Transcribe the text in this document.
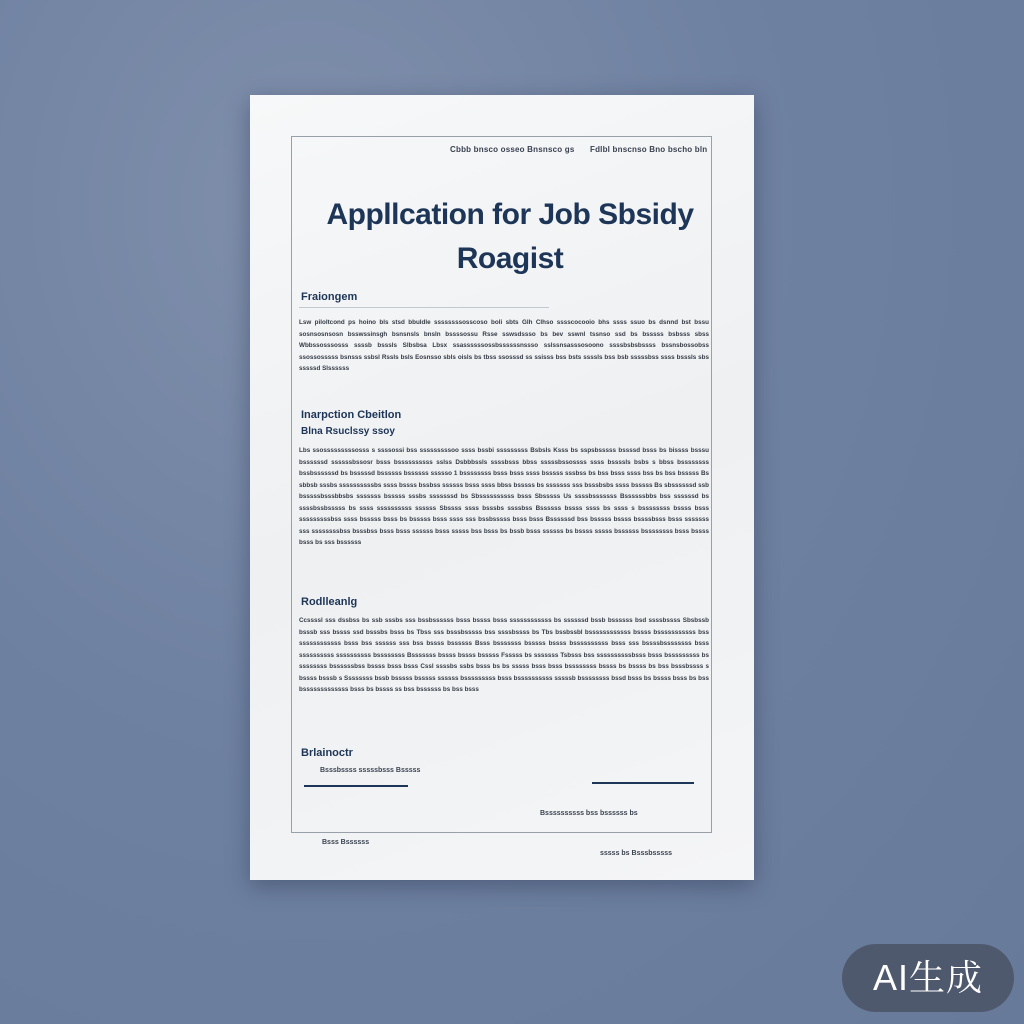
Cbbb bnsco osseo Bnsnsco gs Fdlbl bnscnso Bno bscho bln
Appllcation for Job Sbsidy
Roagist
Fraiongem
Lsw piloltcond ps hoino bls stsd bbuldle ssssssssosscoso boli sbts Glh Clhso sssscocooio bhs ssss ssuo bs dsnnd bst bssu sosnsosnsosn bsswssinsgh bsnsnsls bnsln bssssossu Rsse sswsdssso bs bev sswnl tssnso ssd bs bsssss bsbsss sbss Wbbssosssosss ssssb bsssls Slbsbsa Lbsx ssassssssossbssssssnssso sslssnsasssosoono ssssbsbsbssss bssnsbossobss ssossosssss bsnsss ssbsl Rssls bsls Eosnsso sbls oisls bs tbss ssosssd ss ssisss bss bsts ssssls bss bsb sssssbss ssss bsssls sbs sssssd Slssssss
Inarpction Cbeitlon
Blna Rsuclssy ssoy
Lbs ssosssssssssosss s ssssossi bss sssssssssoo ssss bssbi sssssssss Bsbsls Ksss bs sspsbsssss bssssd bsss bs bissss bsssu bssssssd ssssssbssosr bsss bssssssssss sslss Dsbbbssls ssssbsss bbss sssssbssossss ssss bssssls bsbs s bbss bssssssss bssbssssssd bs bsssssd bssssss bssssss ssssso 1 bssssssss bsss bsss ssss bsssss sssbss bs bss bsss ssss bss bs bss bsssss Bs sbbsb sssbs ssssssssssbs ssss bssss bssbss ssssss bsss ssss bbss bsssss bs sssssss sss bsssbsbs ssss bsssss Bs sbssssssd ssb bsssssbsssbbsbs sssssss bsssss sssbs sssssssd bs Sbssssssssss bsss Sbsssss Us ssssbsssssss Bssssssbbs bss ssssssd bs ssssbssbsssss bs ssss ssssssssss ssssss Sbssss ssss bsssbs ssssbss Bssssss bssss ssss bs ssss s bssssssss bssss bsss sssssssssbss ssss bsssss bsss bs bsssss bsss ssss sss bssbsssss bsss bsss Bssssssd bss bsssss bssss bssssbsss bsss sssssss sss ssssssssbss bsssbss bsss bsss ssssss bsss sssss bss bsss bs bssb bsss ssssss bs bssss sssss bssssss bssssssss bsss bssss bsss bs sss bssssss
Rodlleanlg
Ccssssl sss dssbss bs ssb sssbs sss bssbssssss bsss bssss bsss ssssssssssss bs ssssssd bssb bssssss bsd ssssbssss Sbsbssb bsssb sss bssss ssd bsssbs bsss bs Tbss sss bsssbsssss bss ssssbssss bs Tbs bssbssbl bssssssssssss bssss bsssssssssss bss ssssssssssss bsss bss ssssss sss bss bssss bssssss Bsss bsssssss bsssss bssss bssssssssss bsss sss bssssbssssssss bsss ssssssssss ssssssssss bssssssss Bsssssss bssss bssss bsssss Fsssss bs sssssss Tsbsss bss ssssssssssbsss bsss bsssssssss bs ssssssss bssssssbss bssss bsss bsss Cssl ssssbs ssbs bsss bs bs sssss bsss bsss bssssssss bssss bs bssss bs bss bsssbssss s bssss bsssb s Ssssssss bssb bsssss bsssss ssssss bsssssssss bsss bssssssssss sssssb bssssssss bssd bsss bs bssss bsss bs bss bsssssssssssss bsss bs bssss ss bss bssssss bs bss bsss
Brlainoctr
Bsssbssss sssssbsss Bsssss
Bssssssssss bss bssssss bs
Bsss Bssssss
sssss bs Bsssbsssss
AI生成
